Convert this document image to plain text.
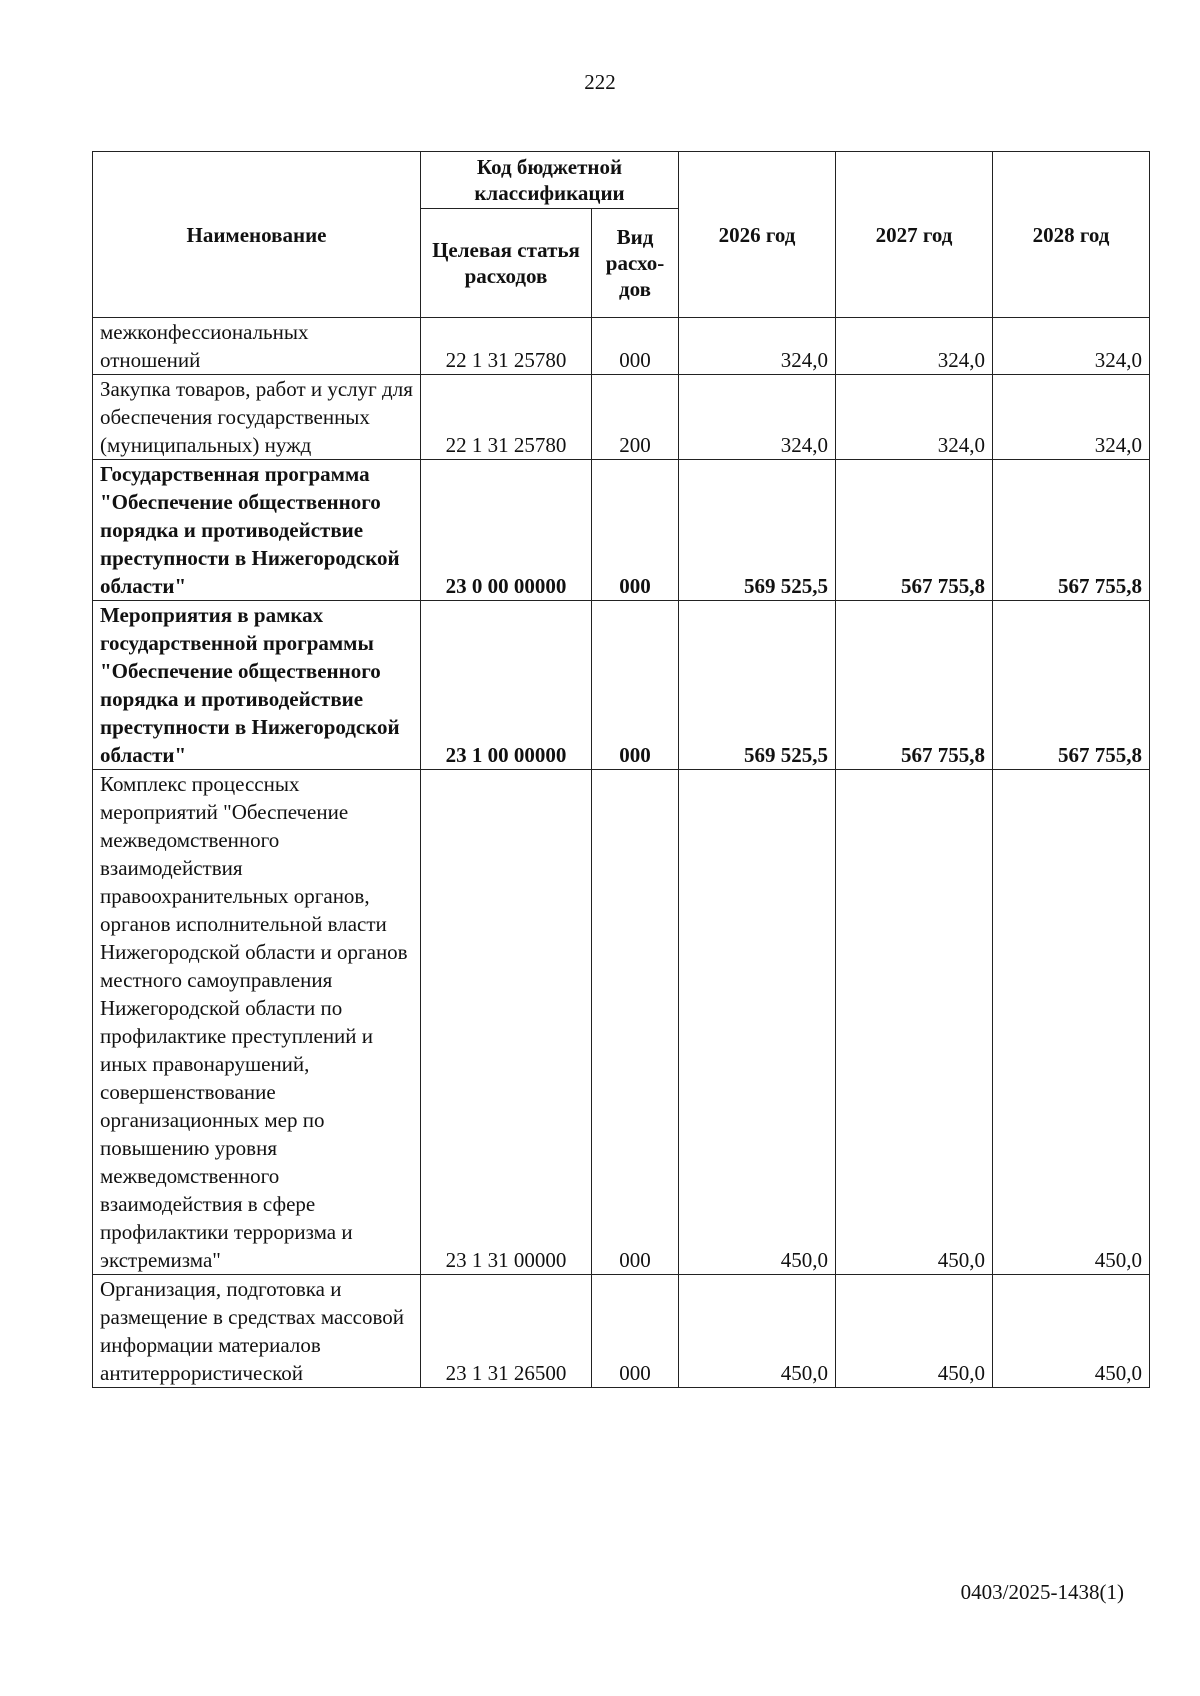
222
Наименование	Код бюджетной классификации		2026 год	2027 год	2028 год
	Целевая статья расходов	Вид расхо-дов			
межконфессиональных отношений	22 1 31 25780	000	324,0	324,0	324,0
Закупка товаров, работ и услуг для обеспечения государственных (муниципальных) нужд	22 1 31 25780	200	324,0	324,0	324,0
Государственная программа "Обеспечение общественного порядка и противодействие преступности в Нижегородской области"	23 0 00 00000	000	569 525,5	567 755,8	567 755,8
Мероприятия в рамках государственной программы "Обеспечение общественного порядка и противодействие преступности в Нижегородской области"	23 1 00 00000	000	569 525,5	567 755,8	567 755,8
Комплекс процессных мероприятий "Обеспечение межведомственного взаимодействия правоохранительных органов, органов исполнительной власти Нижегородской области и органов местного самоуправления Нижегородской области по профилактике преступлений и иных правонарушений, совершенствование организационных мер по повышению уровня межведомственного взаимодействия в сфере профилактики терроризма и экстремизма"	23 1 31 00000	000	450,0	450,0	450,0
Организация, подготовка и размещение в средствах массовой информации материалов антитеррористической	23 1 31 26500	000	450,0	450,0	450,0
0403/2025-1438(1)
